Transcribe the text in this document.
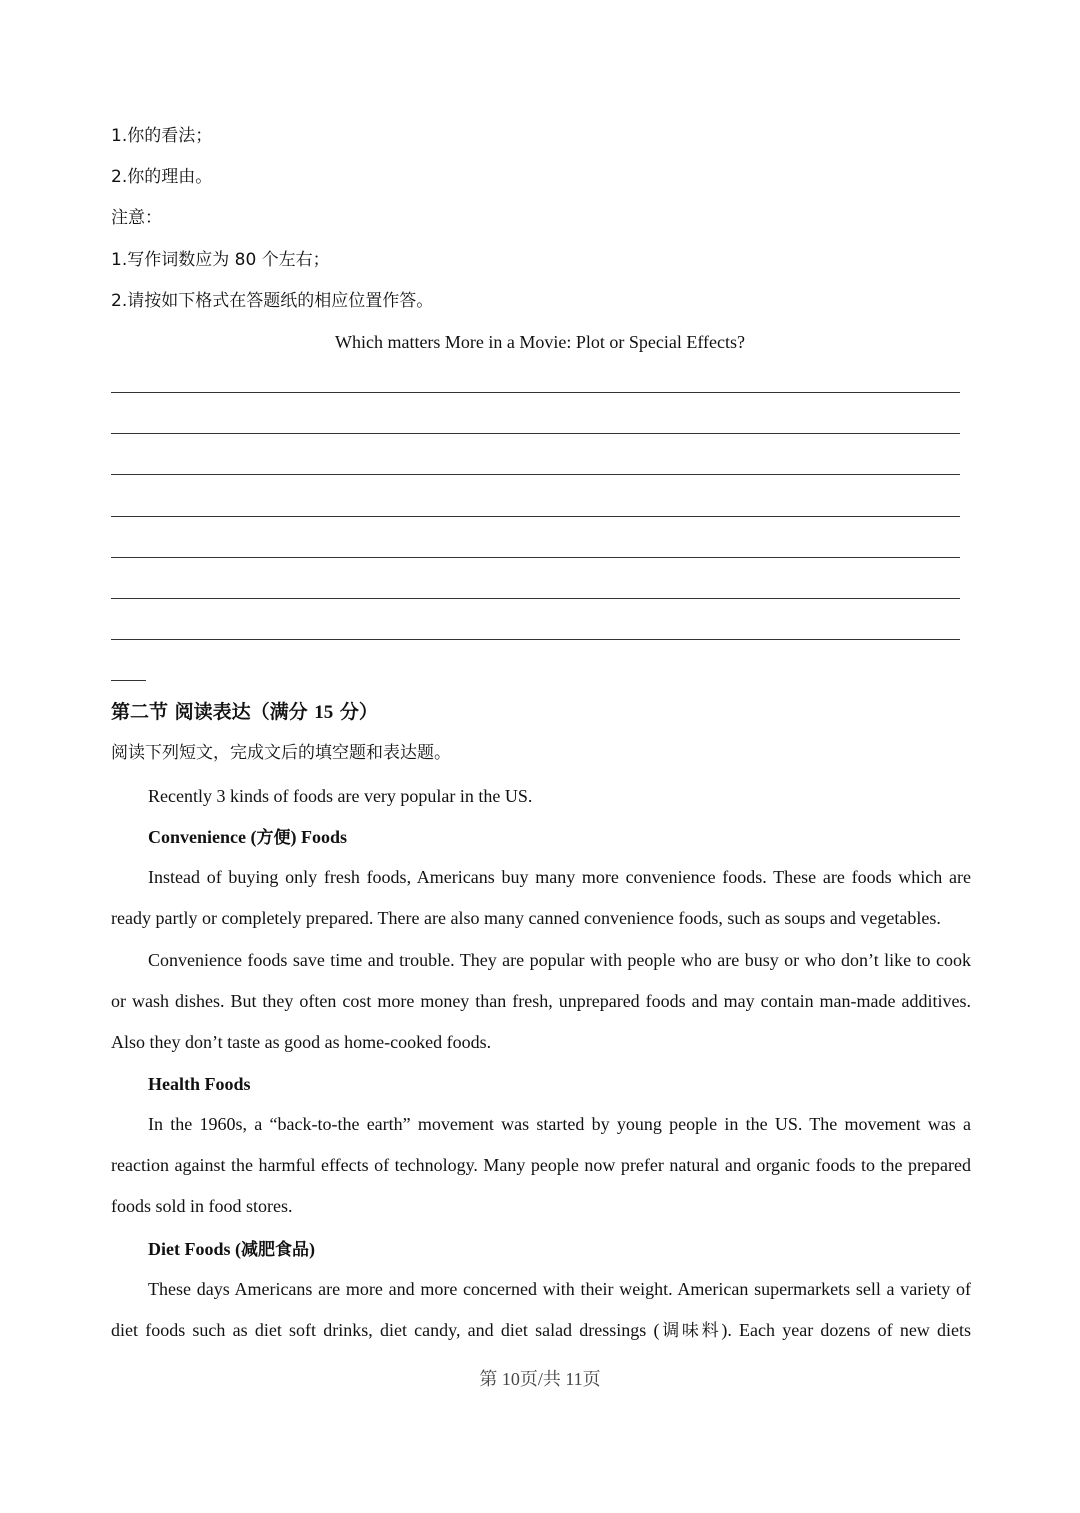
1.你的看法；
2.你的理由。
注意：
1.写作词数应为 80 个左右；
2.请按如下格式在答题纸的相应位置作答。
Which matters More in a Movie: Plot or Special Effects?
第二节 阅读表达（满分 15 分）
阅读下列短文，完成文后的填空题和表达题。
Recently 3 kinds of foods are very popular in the US.
Convenience (方便) Foods
Instead of buying only fresh foods, Americans buy many more convenience foods. These are foods which are ready partly or completely prepared. There are also many canned convenience foods, such as soups and vegetables.
Convenience foods save time and trouble. They are popular with people who are busy or who don’t like to cook or wash dishes. But they often cost more money than fresh, unprepared foods and may contain man-made additives. Also they don’t taste as good as home-cooked foods.
Health Foods
In the 1960s, a “back-to-the earth” movement was started by young people in the US. The movement was a reaction against the harmful effects of technology. Many people now prefer natural and organic foods to the prepared foods sold in food stores.
Diet Foods (减肥食品)
These days Americans are more and more concerned with their weight. American supermarkets sell a variety of diet foods such as diet soft drinks, diet candy, and diet salad dressings (调味料). Each year dozens of new diets
第 10页/共 11页
